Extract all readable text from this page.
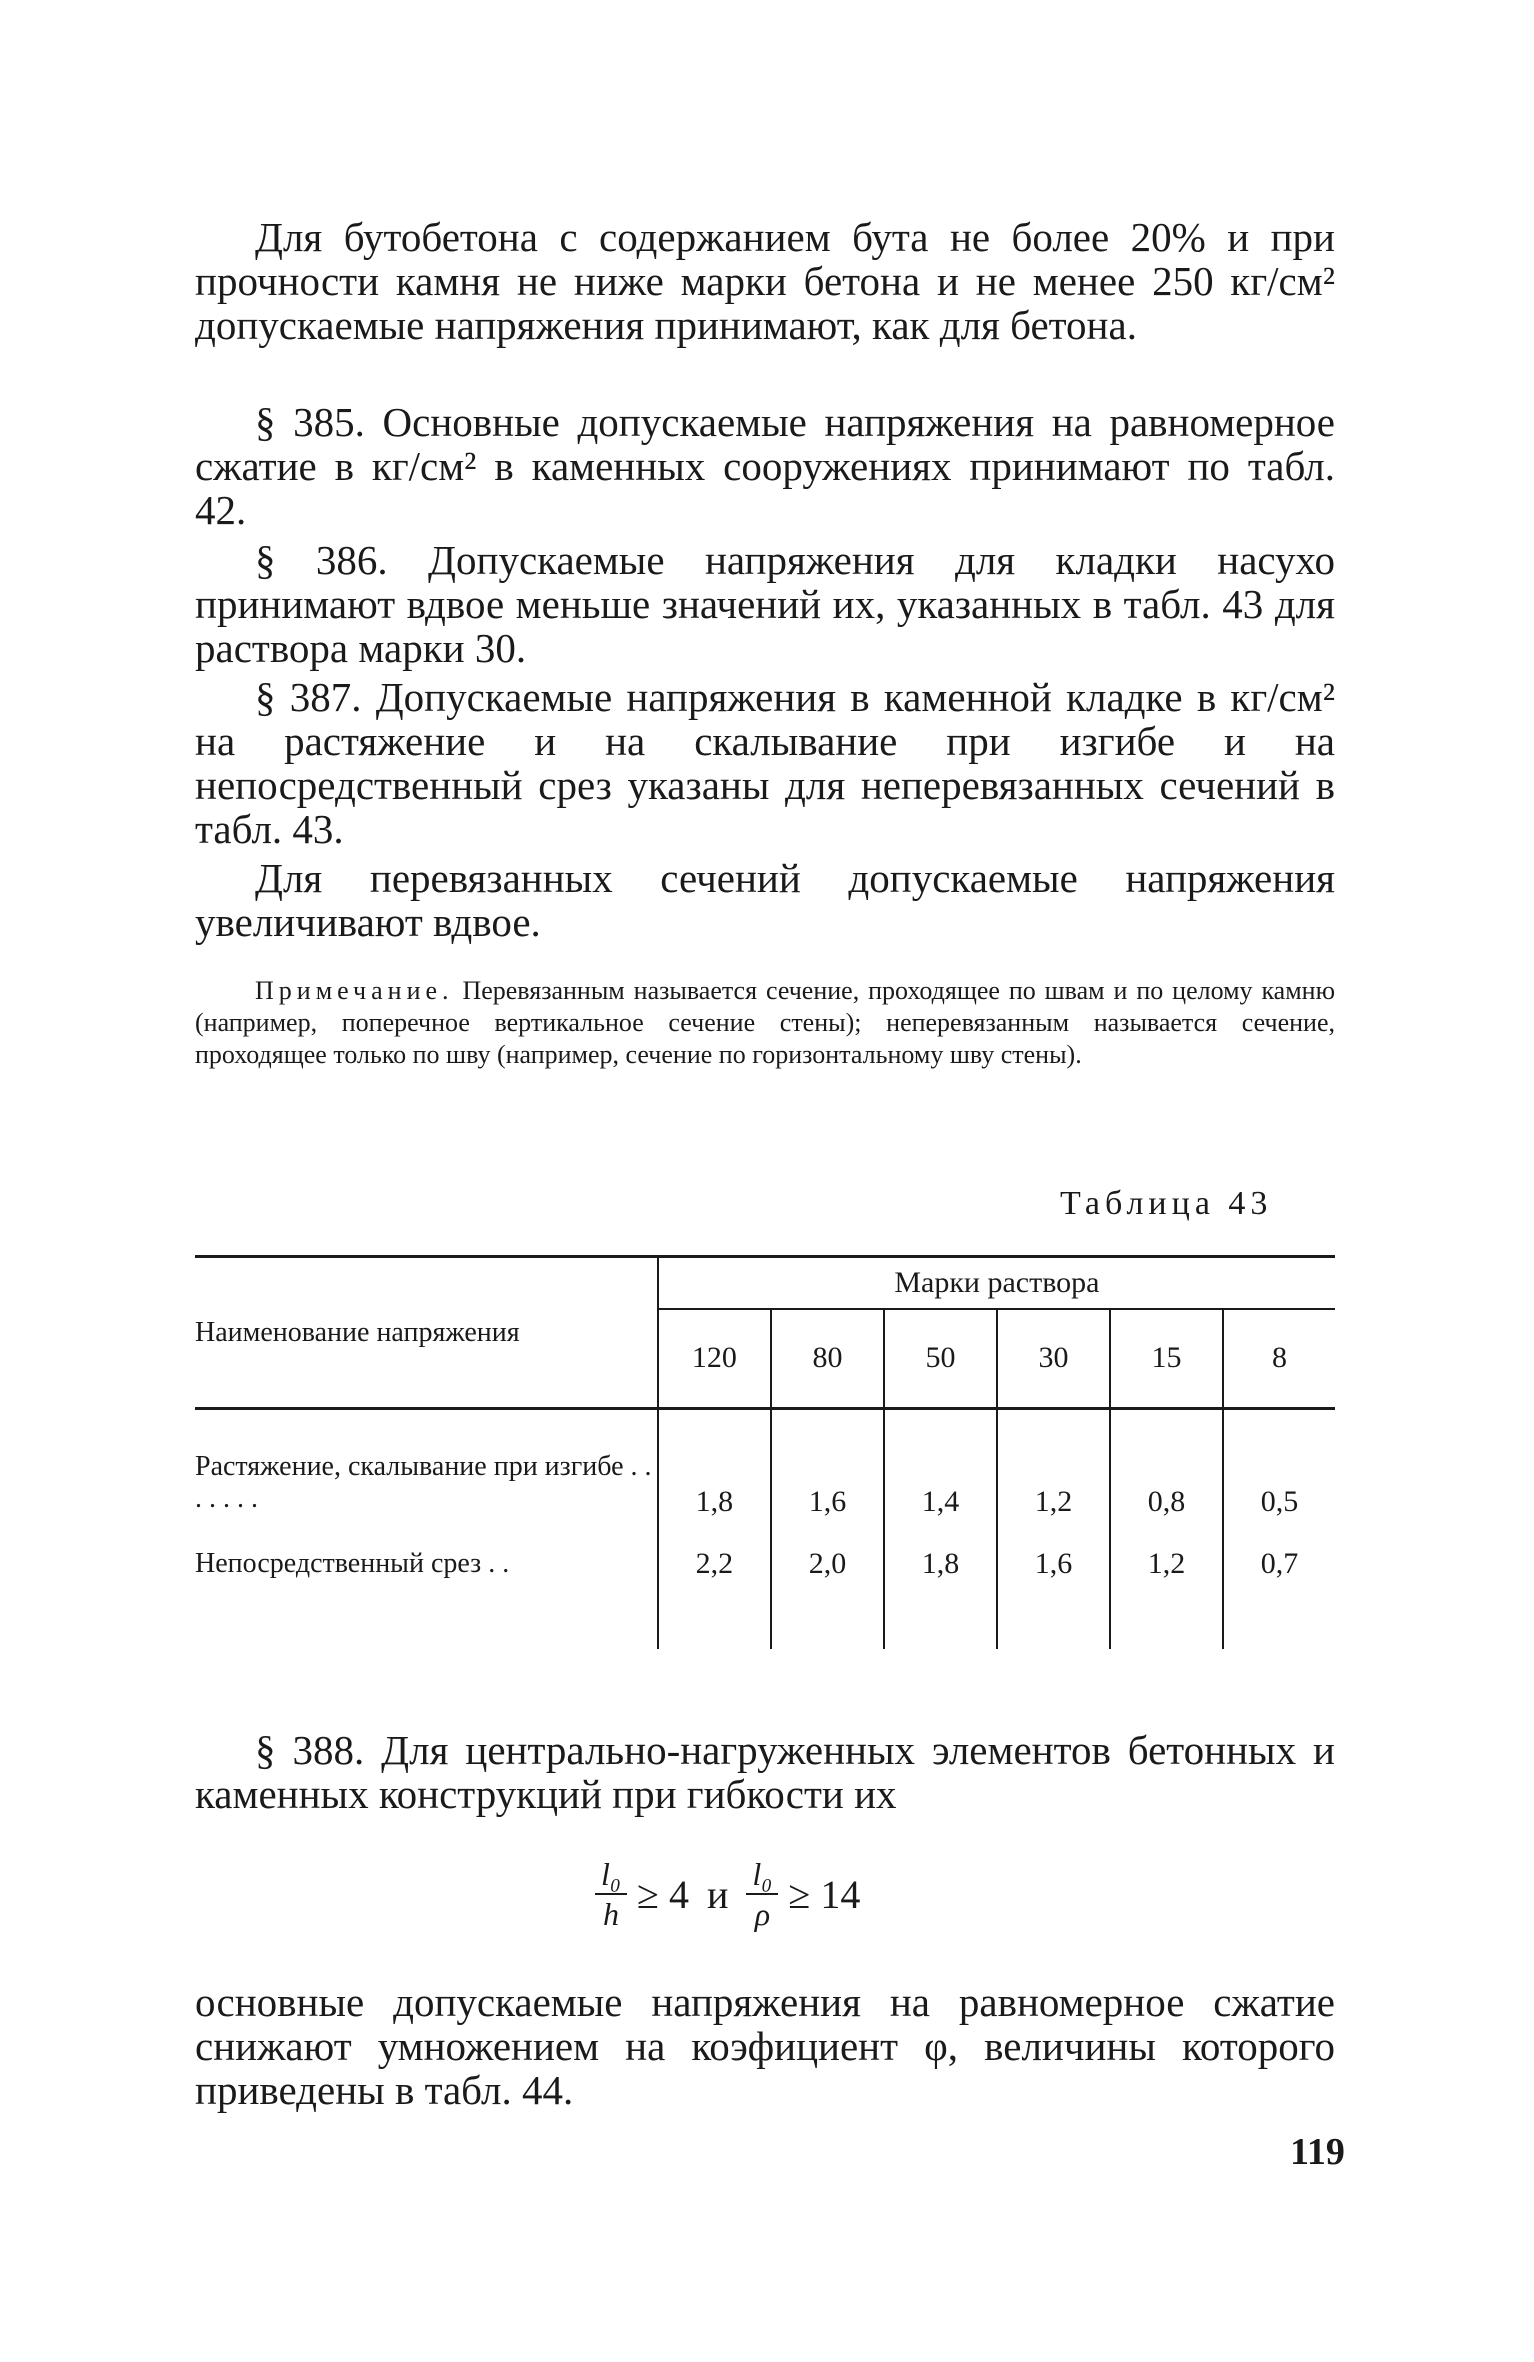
Для бутобетона с содержанием бута не более 20% и при прочности камня не ниже марки бетона и не менее 250 кг/см² допускаемые напряжения принимают, как для бетона.

§ 385. Основные допускаемые напряжения на равномерное сжатие в кг/см² в каменных сооружениях принимают по табл. 42.

§ 386. Допускаемые напряжения для кладки насухо принимают вдвое меньше значений их, указанных в табл. 43 для раствора марки 30.

§ 387. Допускаемые напряжения в каменной кладке в кг/см² на растяжение и на скалывание при изгибе и на непосредственный срез указаны для неперевязанных сечений в табл. 43.

Для перевязанных сечений допускаемые напряжения увеличивают вдвое.

Примечание. Перевязанным называется сечение, проходящее по швам и по целому камню (например, поперечное вертикальное сечение стены); неперевязанным называется сечение, проходящее только по шву (например, сечение по горизонтальному шву стены).

Таблица 43
Наименование напряжения	Марки раствора					
	120	80	50	30	15	8

Растяжение, скалывание при изгибе . . . . . . .	1,8	1,6	1,4	1,2	0,8	0,5
Непосредственный срез . .	2,2	2,0	1,8	1,6	1,2	0,7

§ 388. Для центрально-нагруженных элементов бетонных и каменных конструкций при гибкости их

$\frac{\text{l₀}}{h} \ge 4$ и $\frac{\text{l₀}}{\rho} \ge 14$

основные допускаемые напряжения на равномерное сжатие снижают умножением на коэфициент φ, величины которого приведены в табл. 44.

119
